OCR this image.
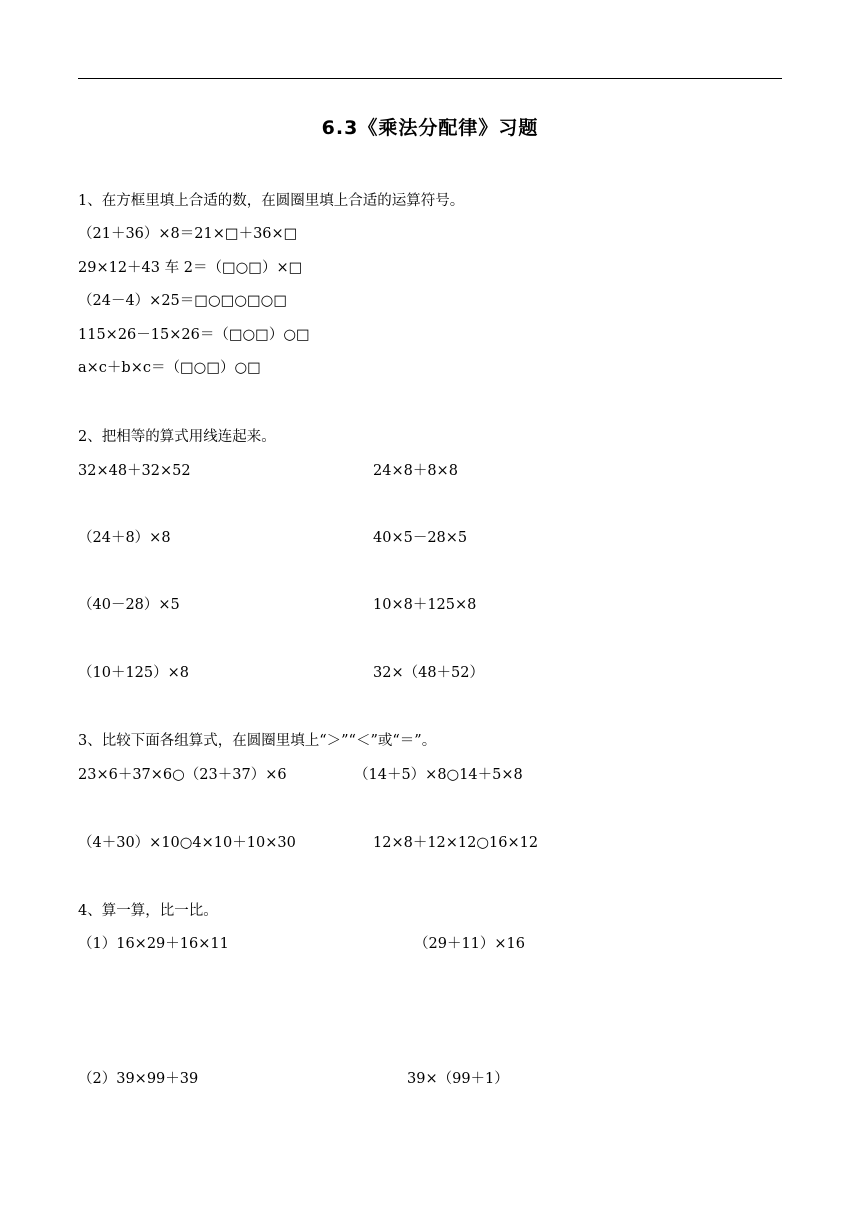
6.3《乘法分配律》习题
1、在方框里填上合适的数，在圆圈里填上合适的运算符号。
（21＋36）×8＝21×□＋36×□
29×12＋43 车 2＝（□○□）×□
（24－4）×25＝□○□○□○□
115×26－15×26＝（□○□）○□
a×c＋b×c＝（□○□）○□
2、把相等的算式用线连起来。
32×48＋32×52	24×8＋8×8
（24＋8）×8	40×5－28×5
（40－28）×5	10×8＋125×8
（10＋125）×8	32×（48＋52）
3、比较下面各组算式，在圆圈里填上“＞”“＜”或“＝”。
23×6＋37×6○（23＋37）×6	（14＋5）×8○14＋5×8
（4＋30）×10○4×10＋10×30	12×8＋12×12○16×12
4、算一算，比一比。
（1）16×29＋16×11	（29＋11）×16
（2）39×99＋39	39×（99＋1）
